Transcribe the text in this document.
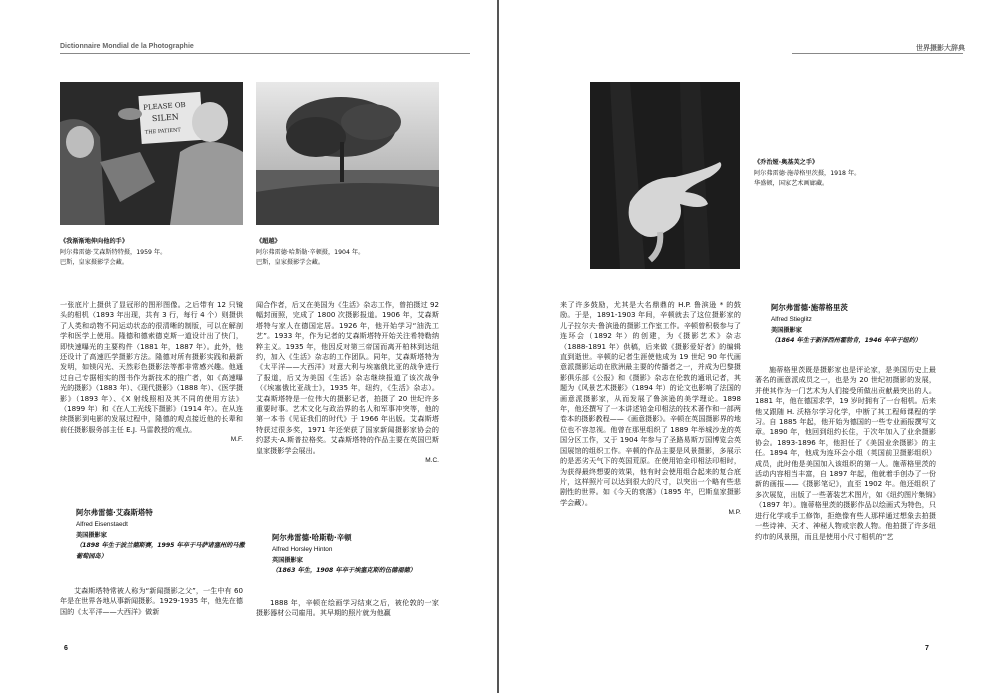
Dictionnaire Mondial de la Photographie
PLEASE OB
SILEN
THE PATIENT
《我渐渐地伸向他的手》
阿尔弗雷德·艾森斯特特摄，1959 年。
巴斯，皇家摄影学会藏。
《超越》
阿尔弗雷德·哈斯勒·辛顿摄，1904 年。
巴斯，皇家摄影学会藏。

一张底片上摄供了显冠形的图形图像。之后带有 12 只镜头的相机（1893 年出现，共有 3 行，每行 4 个）则摄供了人类和动物不同运动状态的很清晰的制版，可以在解剖学和医学上使用。隆德和德索德克斯一道设计出了快门，即快速曝光的主要构件（1881 年，1887 年）。此外，他还设计了高速匹学摄影方法。隆德对所有摄影实践和最新发明，如镁闪光、天然彩色摄影法等都非常感兴趣。他通过自己专据相实的图书作为新技术的推广者，如《高速曝光的摄影》（1883 年）、《现代摄影》（1888 年）、《医学摄影》（1893 年）、《X 射线照相及其不同的使用方法》（1899 年）和《在人工光线下摄影》（1914 年）。在从连续摄影到电影的发展过程中，隆德的观点接近他的长辈和前任摄影服务部主任 E.J. 马雷教授的观点。

M.F.
阿尔弗雷德·艾森斯塔特
Alfred Eisenstaedt
美国摄影家
（1898 年生于波兰德斯赛，1995 年卒于马萨诸塞州的马撒葡萄园岛）

艾森斯塔特常被人称为“新闻摄影之父”，一生中有 60 年是在世界各地从事新闻摄影。1929-1935 年，他先在德国的《太平洋——大西洋》做新

闻合作者，后又在美国为《生活》杂志工作，曾拍摄过 92 幅封面照，完成了 1800 次摄影报道。1906 年，艾森斯塔特与家人在德国定居。1926 年，他开始学习“油洗工艺”。1933 年，作为记者的艾森斯塔特开始关注希特勒纳粹主义。1935 年，他因反对第三帝国而离开柏林到达纽约，加入《生活》杂志的工作团队。同年，艾森斯塔特为《太平洋——大西洋》对意大利与埃塞俄比亚的战争进行了报道，后又为美国《生活》杂志继续报道了该次战争（《埃塞俄比亚战士》，1935 年，纽约，《生活》杂志）。艾森斯塔特是一位伟大的摄影记者，拍摄了 20 世纪许多重要时事。艺术文化与政治界的名人和军事冲突等，他的第一本书《见证我们的时代》于 1966 年出版。艾森斯塔特获过很多奖，1971 年还荣获了国家新闻摄影家协会的约瑟夫·A.斯普拉格奖。艾森斯塔特的作品主要在英国巴斯皇家摄影学会展出。

M.C.
阿尔弗雷德·哈斯勒·辛顿
Alfred Horsley Hinton
英国摄影家
（1863 年生，1908 年卒于埃塞克斯的伍德福德）

1888 年，辛顿在绘画学习结束之后，被伦敦的一家摄影器材公司雇用。其早期的照片就为他赢

6
世界摄影大辞典
《乔治娅·奥基芙之手》
阿尔弗雷德·施蒂格里茨摄，1918 年。
华盛顿，国家艺术画廊藏。

来了许多鼓励，尤其是大名鼎鼎的 H.P. 鲁滨逊 * 的鼓励。于是，1891-1903 年间，辛顿就去了这位摄影家的儿子拉尔夫·鲁滨逊的摄影工作室工作。辛顿曾积极参与了连环会（1892 年）的创建，为《摄影艺术》杂志（1888-1891 年）供稿，后来做《摄影爱好者》的编辑直到逝世。辛顿的记者生涯使他成为 19 世纪 90 年代画意派摄影运动在欧洲最主要的传播者之一，并成为巴黎摄影俱乐部《公报》和《摄影》杂志在伦敦的通讯记者，其题为《风景艺术摄影》（1894 年）的论文也影响了法国的画意派摄影家，从而发展了鲁滨逊的美学理论。1898 年，他还撰写了一本讲述铂金印相法的技术著作和一部两卷本的摄影教程——《画意摄影》。辛顿在英国摄影界的地位也不容忽视。他曾在那里组织了 1889 年举城沙龙的英国分区工作，又于 1904 年参与了圣路易斯万国博览会英国展馆的组织工作。辛顿的作品主要是风景摄影，多展示的是恶劣天气下的英国荒原。在使用铂金印相法印相时，为获得最终想要的效果，他有时会使用组合起来的复合底片，这样照片可以达到很大的尺寸，以突出一个略有些悲剧性的世界。如《今天的衰落》（1895 年，巴斯皇家摄影学会藏）。

M.P.
阿尔弗雷德·施蒂格里茨
Alfred Stieglitz
美国摄影家
（1864 年生于新泽西州霍勃肯，1946 年卒于纽约）

施蒂格里茨既是摄影家也是评论家，是美国历史上最著名的画意派成员之一，也是为 20 世纪初摄影的发展，并使其作为一门艺术为人们接受所做出贡献最突出的人。1881 年，他在德国求学，19 岁时拥有了一台相机。后来他又跟随 H. 沃格尔学习化学，中断了其工程师课程的学习。自 1885 年起，他开始为德国的一些专业画报撰写文章。1890 年，他回到纽约长住，于次年加入了业余摄影协会。1893-1896 年，他担任了《美国业余摄影》的主任。1894 年，他成为连环会小组（英国前卫摄影组织）成员，此时他是美国加入该组织的第一人。施蒂格里茨的活动内容相当丰富，自 1897 年起，他就着手创办了一份新的画报——《摄影笔记》，直至 1902 年。他还组织了多次展览，出版了一些著装艺术图片，如《纽约图片集锦》（1897 年）。施蒂格里茨的摄影作品以绘画式为特色，只进行化学或手工修饰，拒绝像有些人那样通过想象去拍摄一些诗神、天才、神秘人物或宗教人物。他拍摄了许多纽约市的风景照，而且是使用小尺寸相机的“艺

7
